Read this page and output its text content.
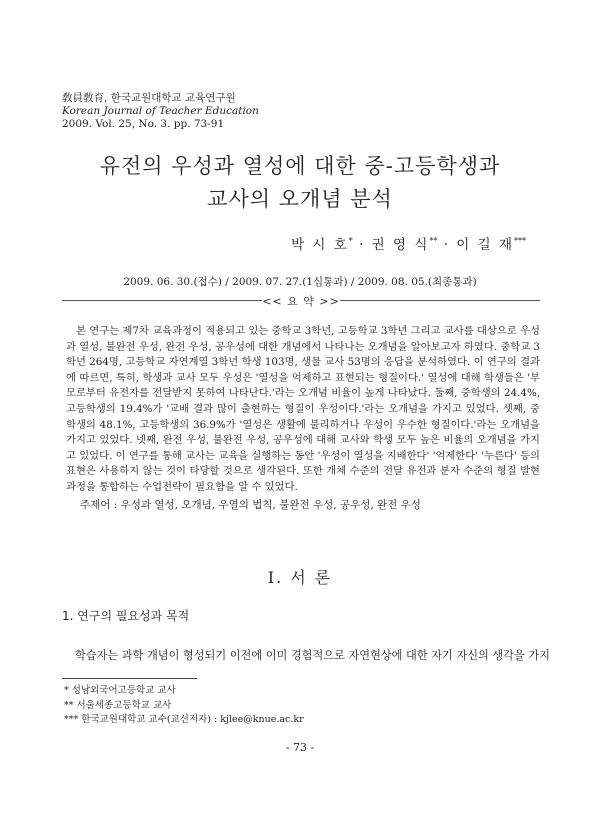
敎員敎育, 한국교원대학교 교육연구원
Korean Journal of Teacher Education
2009. Vol. 25, No. 3. pp. 73-91
유전의 우성과 열성에 대한 중-고등학생과
교사의 오개념 분석
박 시 호* · 권 영 식** · 이 길 재***
2009. 06. 30.(접수) / 2009. 07. 27.(1심통과) / 2009. 08. 05.(최종통과)
<< 요 약 >>

본 연구는 제7차 교육과정이 적용되고 있는 중학교 3학년, 고등학교 3학년 그리고 교사를 대상으로 우성과 열성, 불완전 우성, 완전 우성, 공우성에 대한 개념에서 나타나는 오개념을 알아보고자 하였다. 중학교 3학년 264명, 고등학교 자연계열 3학년 학생 103명, 생물 교사 53명의 응답을 분석하였다. 이 연구의 결과에 따르면, 특히, 학생과 교사 모두 우성은 '열성을 억제하고 표현되는 형질이다.' 열성에 대해 학생들은 '부모로부터 유전자를 전달받지 못하여 나타난다.'라는 오개념 비율이 높게 나타났다. 둘째, 중학생의 24.4%, 고등학생의 19.4%가 '교배 결과 많이 출현하는 형질이 우성이다.'라는 오개념을 가지고 있었다. 셋째, 중학생의 48.1%, 고등학생의 36.9%가 '열성은 생활에 불리하거나 우성이 우수한 형질이다.'라는 오개념을 가지고 있었다. 넷째, 완전 우성, 불완전 우성, 공우성에 대해 교사와 학생 모두 높은 비율의 오개념을 가지고 있었다. 이 연구를 통해 교사는 교육을 실행하는 동안 '우성이 열성을 지배한다' '억제한다' '누른다' 등의 표현은 사용하지 않는 것이 타당할 것으로 생각된다. 또한 개체 수준의 전달 유전과 분자 수준의 형질 발현과정을 통합하는 수업전략이 필요함을 알 수 있었다.

주제어 : 우성과 열성, 오개념, 우열의 법칙, 불완전 우성, 공우성, 완전 우성
Ⅰ. 서 론
1. 연구의 필요성과 목적
학습자는 과학 개념이 형성되기 이전에 이미 경험적으로 자연현상에 대한 자기 자신의 생각을 가지
* 성남외국어고등학교 교사
** 서울세종고등학교 교사
*** 한국교원대학교 교수(교신저자) : kjlee@knue.ac.kr
- 73 -
